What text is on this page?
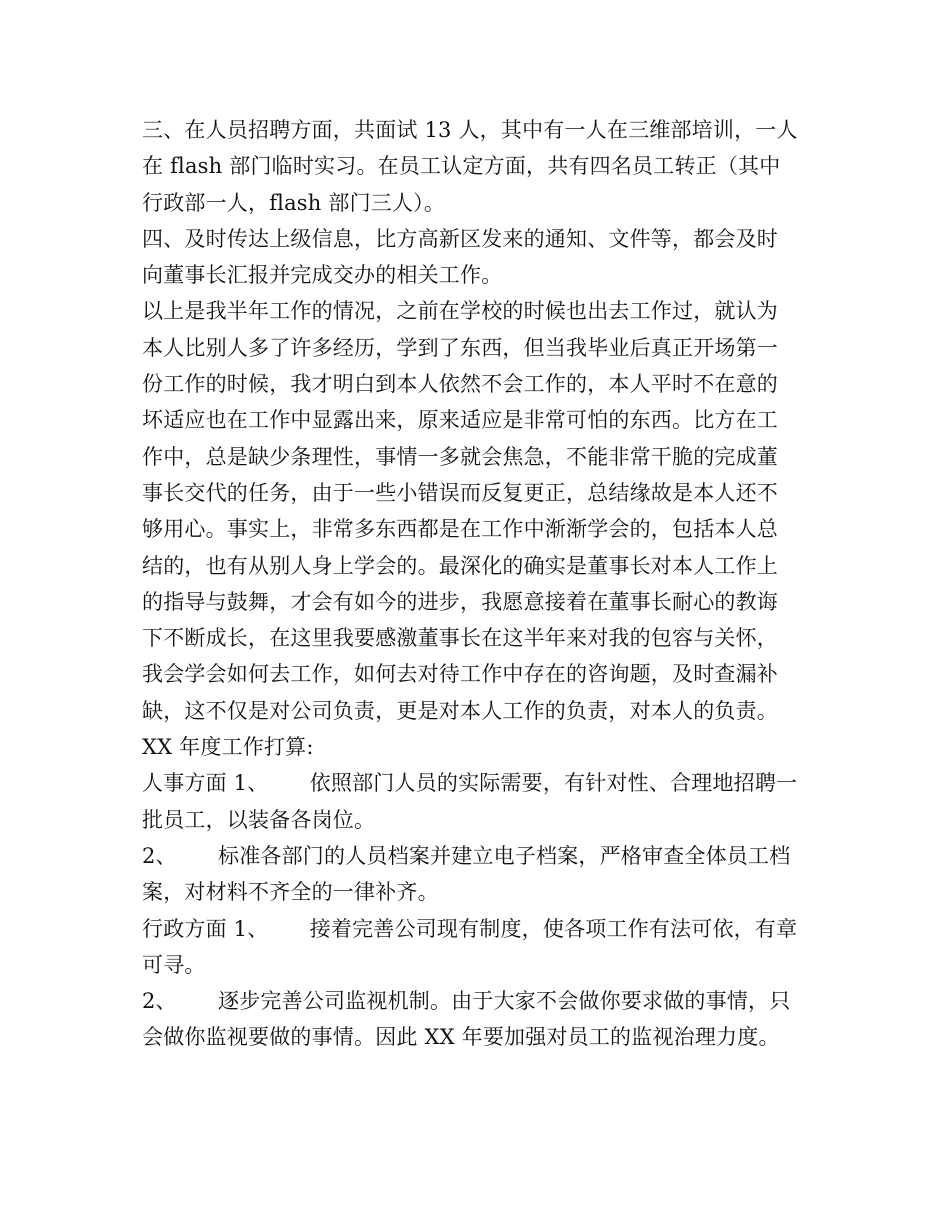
三、在人员招聘方面，共面试 13 人，其中有一人在三维部培训，一人
在 flash 部门临时实习。在员工认定方面，共有四名员工转正（其中
行政部一人，flash 部门三人）。
四、及时传达上级信息，比方高新区发来的通知、文件等，都会及时
向董事长汇报并完成交办的相关工作。
以上是我半年工作的情况，之前在学校的时候也出去工作过，就认为
本人比别人多了许多经历，学到了东西，但当我毕业后真正开场第一
份工作的时候，我才明白到本人依然不会工作的，本人平时不在意的
坏适应也在工作中显露出来，原来适应是非常可怕的东西。比方在工
作中，总是缺少条理性，事情一多就会焦急，不能非常干脆的完成董
事长交代的任务，由于一些小错误而反复更正，总结缘故是本人还不
够用心。事实上，非常多东西都是在工作中渐渐学会的，包括本人总
结的，也有从别人身上学会的。最深化的确实是董事长对本人工作上
的指导与鼓舞，才会有如今的进步，我愿意接着在董事长耐心的教诲
下不断成长，在这里我要感激董事长在这半年来对我的包容与关怀，
我会学会如何去工作，如何去对待工作中存在的咨询题，及时查漏补
缺，这不仅是对公司负责，更是对本人工作的负责，对本人的负责。
XX 年度工作打算:
人事方面 1、      依照部门人员的实际需要，有针对性、合理地招聘一
批员工，以装备各岗位。
2、      标准各部门的人员档案并建立电子档案，严格审查全体员工档
案，对材料不齐全的一律补齐。
行政方面 1、      接着完善公司现有制度，使各项工作有法可依，有章
可寻。
2、      逐步完善公司监视机制。由于大家不会做你要求做的事情，只
会做你监视要做的事情。因此 XX 年要加强对员工的监视治理力度。
